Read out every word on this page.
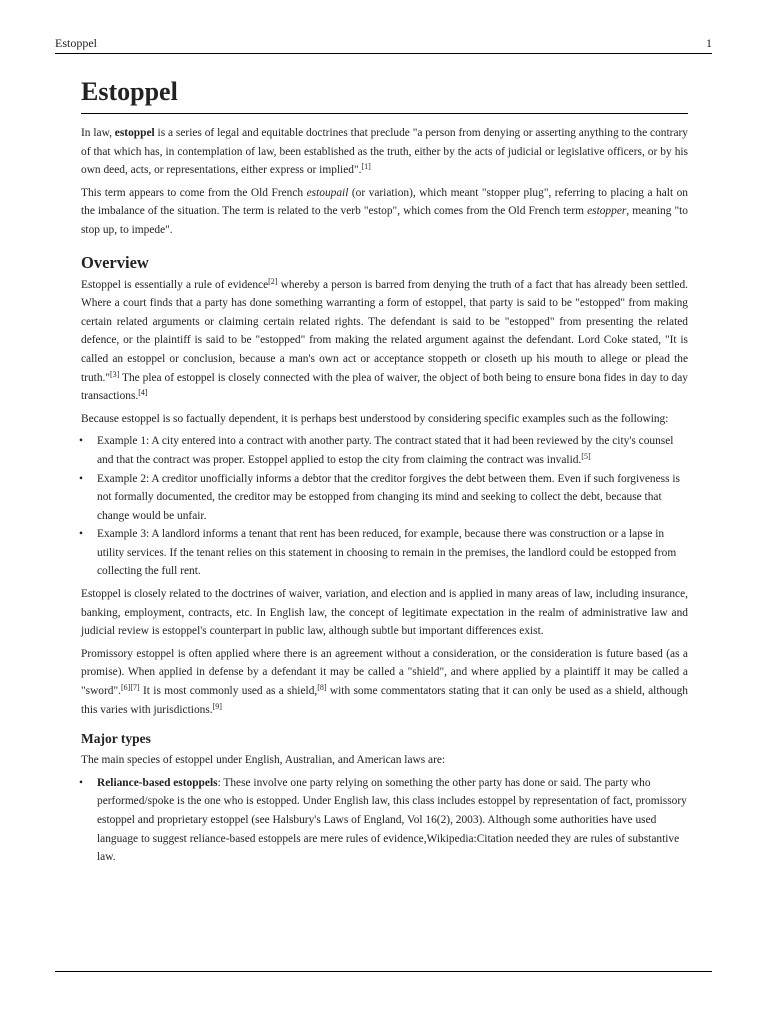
Estoppel	1
Estoppel

In law, estoppel is a series of legal and equitable doctrines that preclude "a person from denying or asserting anything to the contrary of that which has, in contemplation of law, been established as the truth, either by the acts of judicial or legislative officers, or by his own deed, acts, or representations, either express or implied".[1]

This term appears to come from the Old French estoupail (or variation), which meant "stopper plug", referring to placing a halt on the imbalance of the situation. The term is related to the verb "estop", which comes from the Old French term estopper, meaning "to stop up, to impede".

Overview

Estoppel is essentially a rule of evidence[2] whereby a person is barred from denying the truth of a fact that has already been settled. Where a court finds that a party has done something warranting a form of estoppel, that party is said to be "estopped" from making certain related arguments or claiming certain related rights. The defendant is said to be "estopped" from presenting the related defence, or the plaintiff is said to be "estopped" from making the related argument against the defendant. Lord Coke stated, "It is called an estoppel or conclusion, because a man's own act or acceptance stoppeth or closeth up his mouth to allege or plead the truth."[3] The plea of estoppel is closely connected with the plea of waiver, the object of both being to ensure bona fides in day to day transactions.[4]

Because estoppel is so factually dependent, it is perhaps best understood by considering specific examples such as the following:

• Example 1: A city entered into a contract with another party. The contract stated that it had been reviewed by the city's counsel and that the contract was proper. Estoppel applied to estop the city from claiming the contract was invalid.[5]
• Example 2: A creditor unofficially informs a debtor that the creditor forgives the debt between them. Even if such forgiveness is not formally documented, the creditor may be estopped from changing its mind and seeking to collect the debt, because that change would be unfair.
• Example 3: A landlord informs a tenant that rent has been reduced, for example, because there was construction or a lapse in utility services. If the tenant relies on this statement in choosing to remain in the premises, the landlord could be estopped from collecting the full rent.

Estoppel is closely related to the doctrines of waiver, variation, and election and is applied in many areas of law, including insurance, banking, employment, contracts, etc. In English law, the concept of legitimate expectation in the realm of administrative law and judicial review is estoppel's counterpart in public law, although subtle but important differences exist.

Promissory estoppel is often applied where there is an agreement without a consideration, or the consideration is future based (as a promise). When applied in defense by a defendant it may be called a "shield", and where applied by a plaintiff it may be called a "sword".[6][7] It is most commonly used as a shield,[8] with some commentators stating that it can only be used as a shield, although this varies with jurisdictions.[9]

Major types

The main species of estoppel under English, Australian, and American laws are:

• Reliance-based estoppels: These involve one party relying on something the other party has done or said. The party who performed/spoke is the one who is estopped. Under English law, this class includes estoppel by representation of fact, promissory estoppel and proprietary estoppel (see Halsbury's Laws of England, Vol 16(2), 2003). Although some authorities have used language to suggest reliance-based estoppels are mere rules of evidence,Wikipedia:Citation needed they are rules of substantive law.
